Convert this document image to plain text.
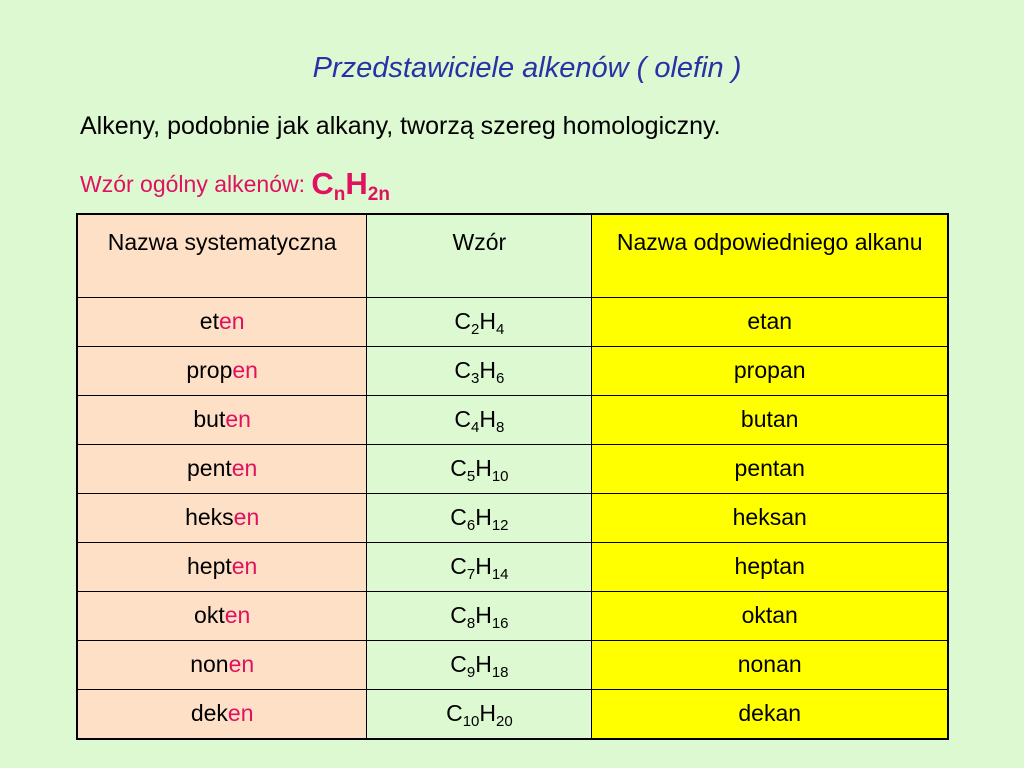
Przedstawiciele alkenów ( olefin )
Alkeny, podobnie jak alkany, tworzą szereg homologiczny.
Wzór ogólny alkenów: $C_nH_{2n}$
Nazwa systematyczna	Wzór	Nazwa odpowiedniego alkanu
eten	$C_2H_4$	etan
propen	$C_3H_6$	propan
buten	$C_4H_8$	butan
penten	$C_5H_{10}$	pentan
heksen	$C_6H_{12}$	heksan
hepten	$C_7H_{14}$	heptan
okten	$C_8H_{16}$	oktan
nonen	$C_9H_{18}$	nonan
deken	$C_{10}H_{20}$	dekan
